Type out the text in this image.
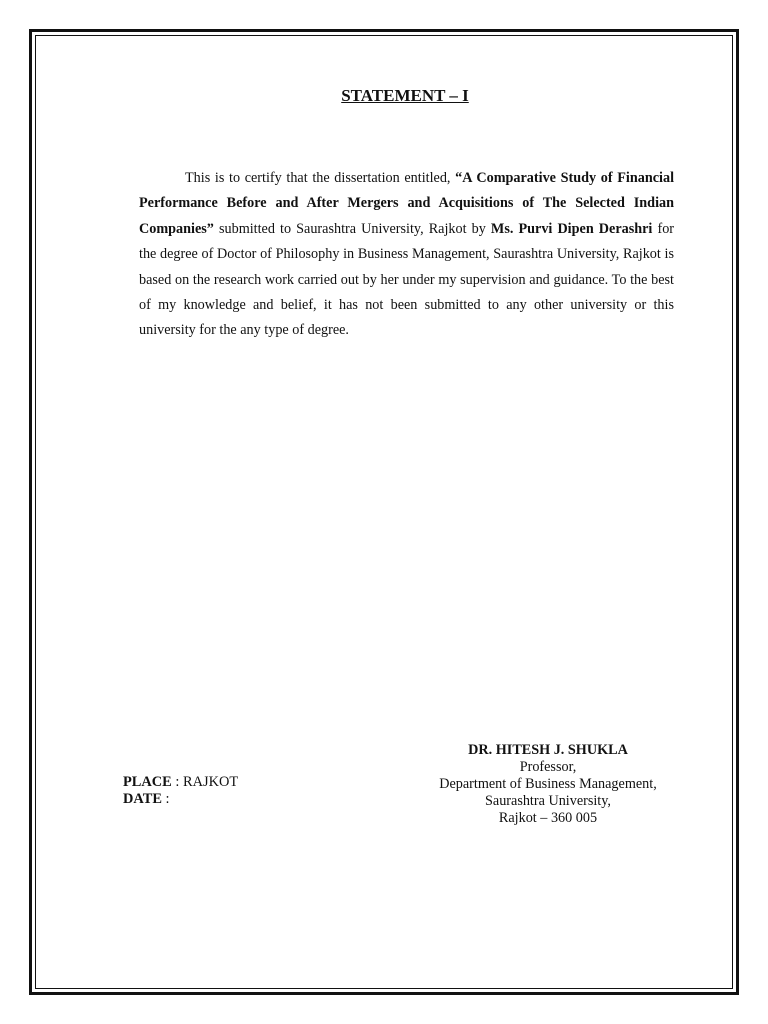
STATEMENT – I
This is to certify that the dissertation entitled, “A Comparative Study of Financial Performance Before and After Mergers and Acquisitions of The Selected Indian Companies” submitted to Saurashtra University, Rajkot by Ms. Purvi Dipen Derashri for the degree of Doctor of Philosophy in Business Management, Saurashtra University, Rajkot is based on the research work carried out by her under my supervision and guidance. To the best of my knowledge and belief, it has not been submitted to any other university or this university for the any type of degree.
PLACE : RAJKOT
DATE :
DR. HITESH J. SHUKLA
Professor,
Department of Business Management,
Saurashtra University,
Rajkot – 360 005
